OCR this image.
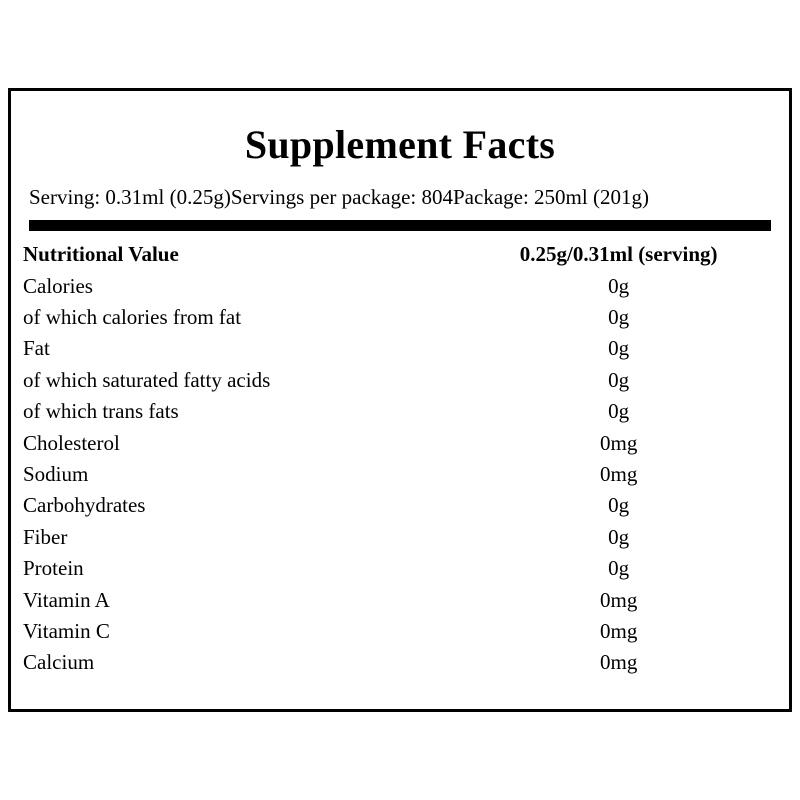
Supplement Facts
Serving: 0.31ml (0.25g)Servings per package: 804Package: 250ml (201g)
Nutritional Value	0.25g/0.31ml (serving)
Calories	0g
of which calories from fat	0g
Fat	0g
of which saturated fatty acids	0g
of which trans fats	0g
Cholesterol	0mg
Sodium	0mg
Carbohydrates	0g
Fiber	0g
Protein	0g
Vitamin A	0mg
Vitamin C	0mg
Calcium	0mg
